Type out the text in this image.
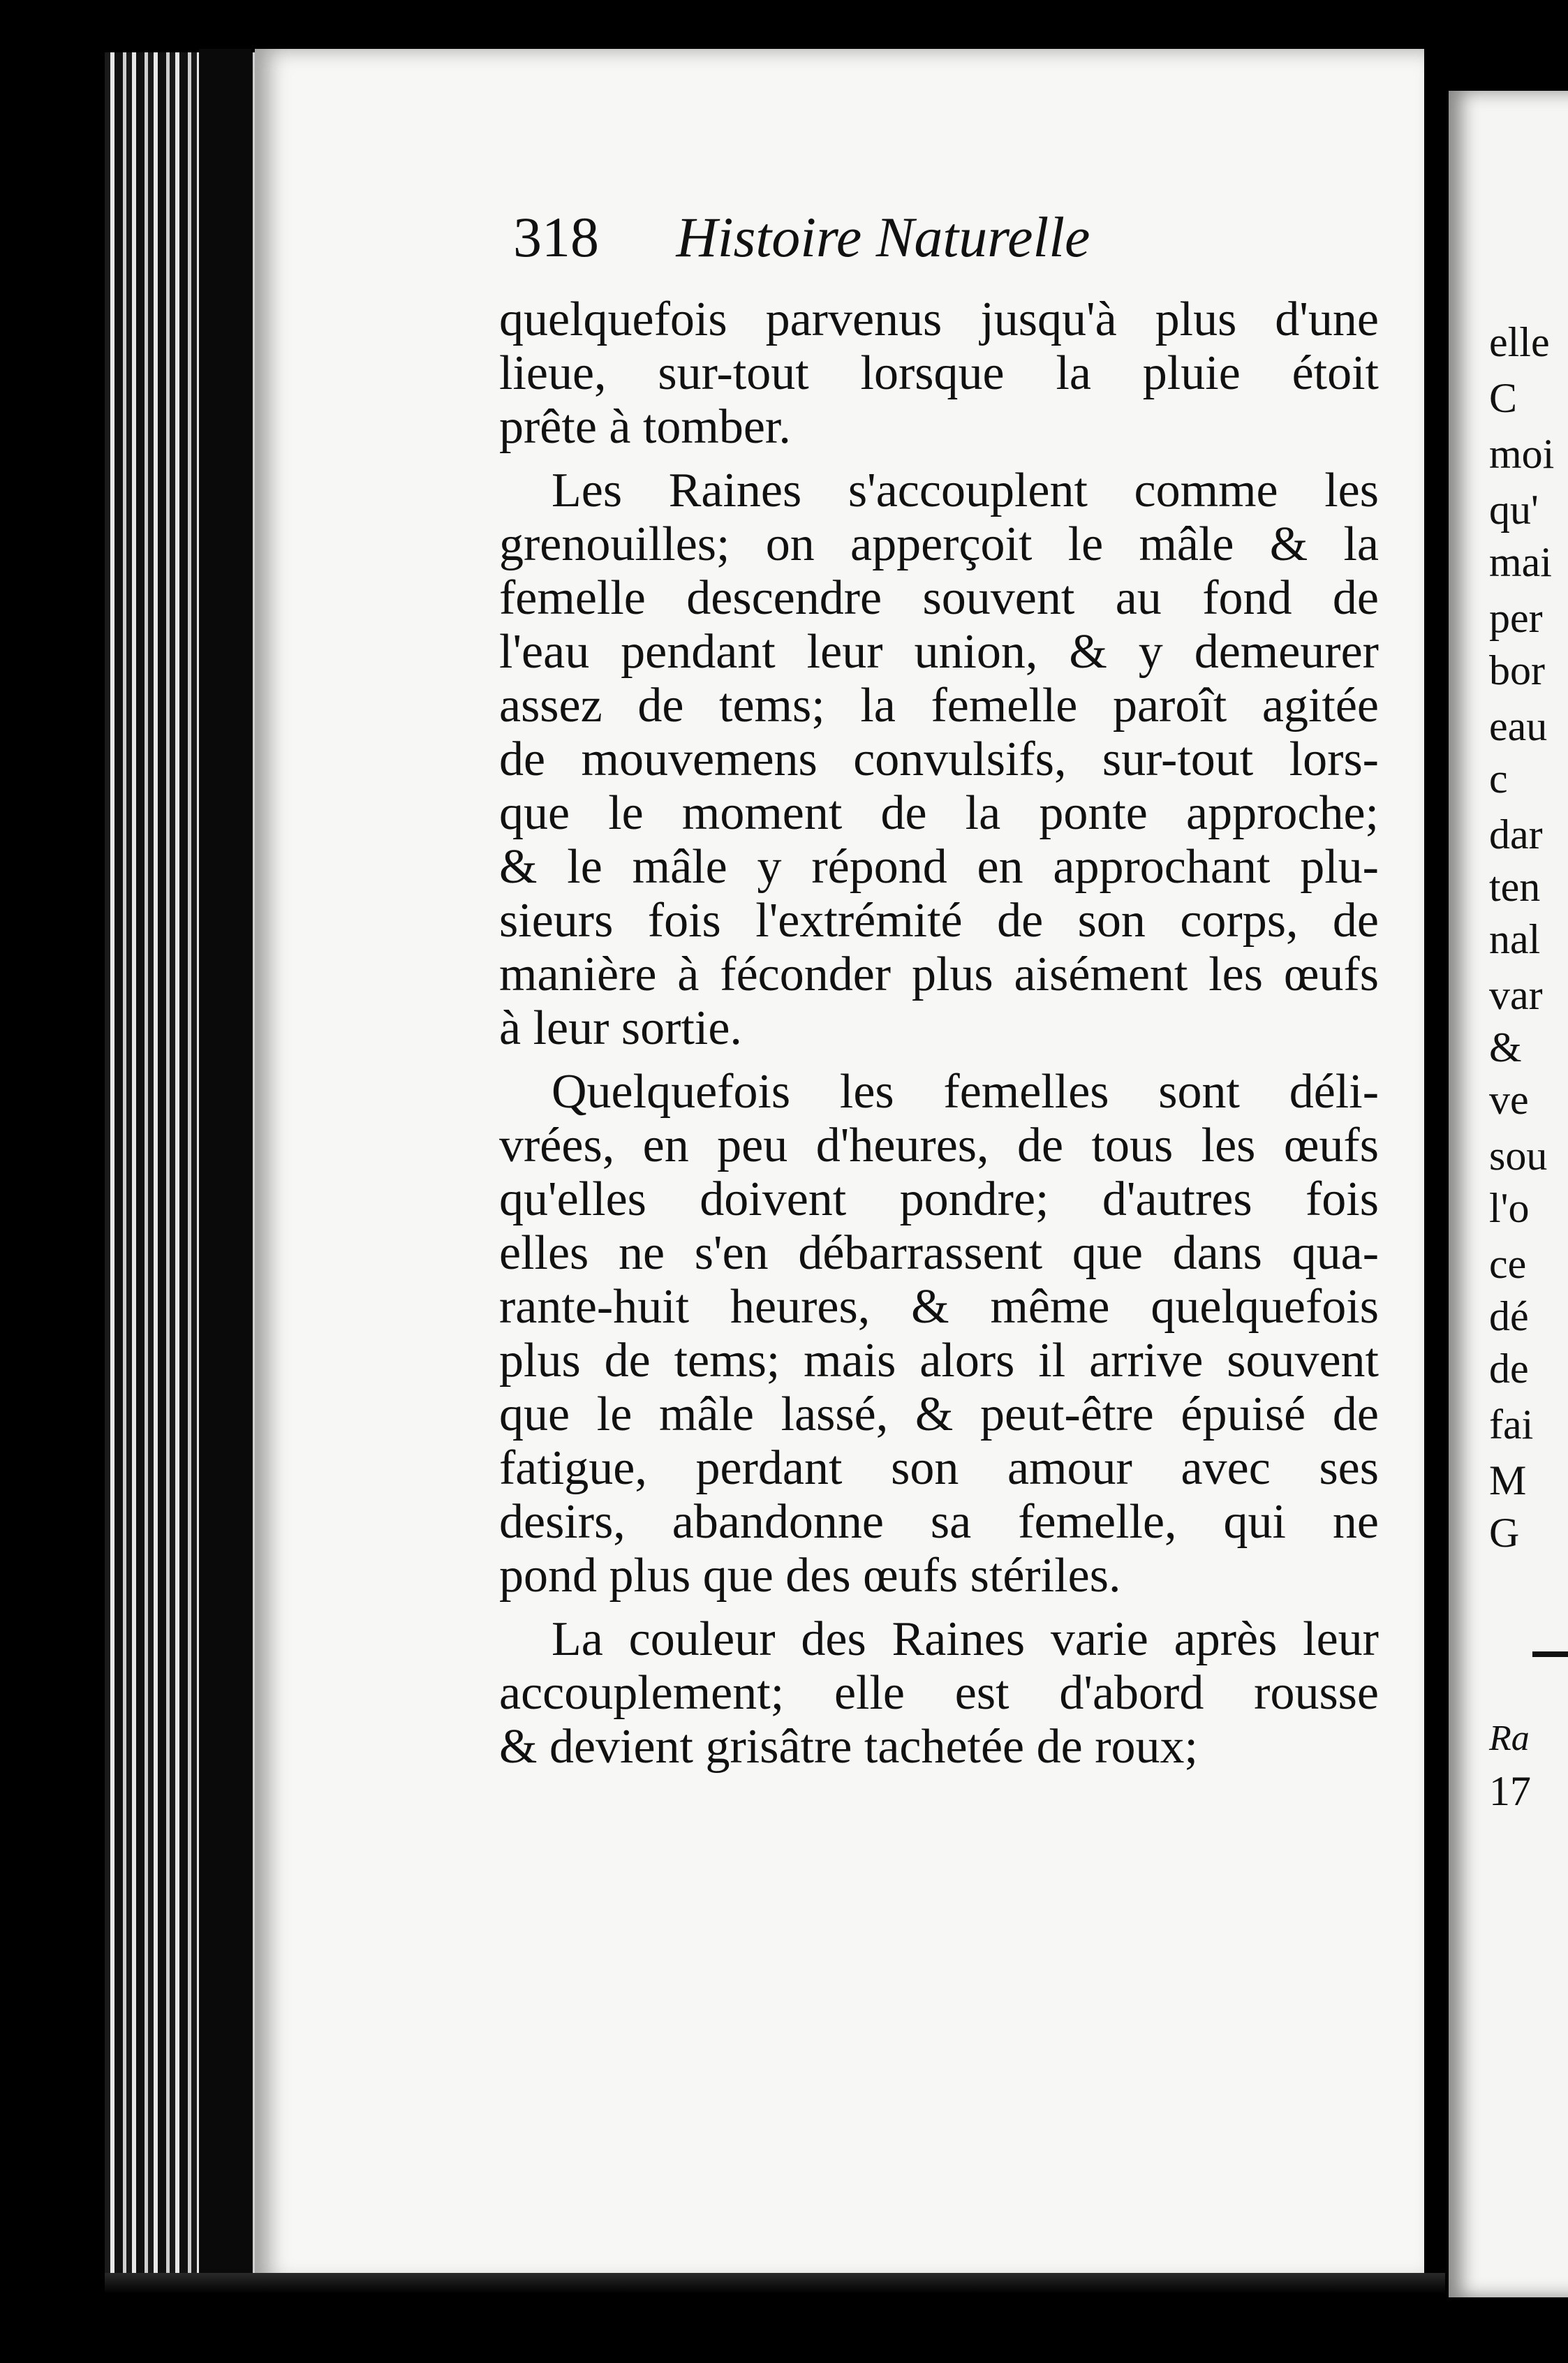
318 Histoire Naturelle
quelquefois parvenus jusqu'à plus d'une
lieue, sur-tout lorsque la pluie étoit
prête à tomber.
Les Raines s'accouplent comme les
grenouilles; on apperçoit le mâle & la
femelle descendre souvent au fond de
l'eau pendant leur union, & y demeurer
assez de tems; la femelle paroît agitée
de mouvemens convulsifs, sur-tout lors-
que le moment de la ponte approche;
& le mâle y répond en approchant plu-
sieurs fois l'extrémité de son corps, de
manière à féconder plus aisément les œufs
à leur sortie.
Quelquefois les femelles sont déli-
vrées, en peu d'heures, de tous les œufs
qu'elles doivent pondre; d'autres fois
elles ne s'en débarrassent que dans qua-
rante-huit heures, & même quelquefois
plus de tems; mais alors il arrive souvent
que le mâle lassé, & peut-être épuisé de
fatigue, perdant son amour avec ses
desirs, abandonne sa femelle, qui ne
pond plus que des œufs stériles.
La couleur des Raines varie après leur
accouplement; elle est d'abord rousse
& devient grisâtre tachetée de roux;
elle
C
moi
qu'
mai
per
bor
eau
c
dar
ten
nal
var
&
ve
sou
l'o
ce
dé
de
fai
M
G
Ra
17
